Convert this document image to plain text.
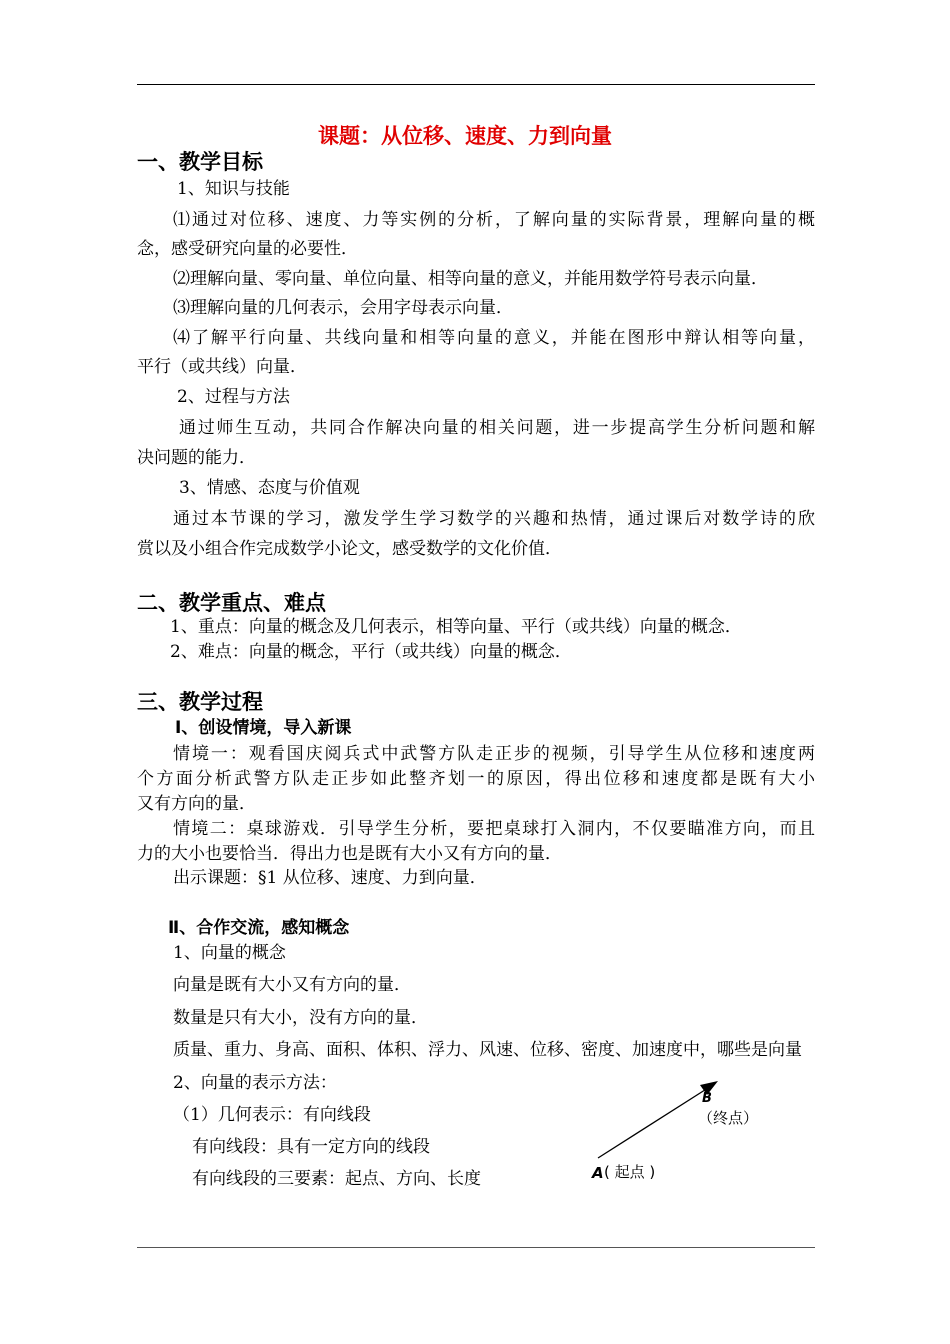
课题：从位移、速度、力到向量
一、教学目标
1、知识与技能
⑴通过对位移、速度、力等实例的分析，了解向量的实际背景，理解向量的概
念，感受研究向量的必要性．
⑵理解向量、零向量、单位向量、相等向量的意义，并能用数学符号表示向量．
⑶理解向量的几何表示，会用字母表示向量．
⑷了解平行向量、共线向量和相等向量的意义，并能在图形中辩认相等向量，
平行（或共线）向量．
2、过程与方法
通过师生互动，共同合作解决向量的相关问题，进一步提高学生分析问题和解
决问题的能力．
3、情感、态度与价值观
通过本节课的学习，激发学生学习数学的兴趣和热情，通过课后对数学诗的欣
赏以及小组合作完成数学小论文，感受数学的文化价值．
二、教学重点、难点
1、重点：向量的概念及几何表示，相等向量、平行（或共线）向量的概念．
2、难点：向量的概念，平行（或共线）向量的概念．
三、教学过程
Ⅰ、创设情境，导入新课
情境一：观看国庆阅兵式中武警方队走正步的视频，引导学生从位移和速度两
个方面分析武警方队走正步如此整齐划一的原因，得出位移和速度都是既有大小
又有方向的量．
情境二：桌球游戏．引导学生分析，要把桌球打入洞内，不仅要瞄准方向，而且
力的大小也要恰当．得出力也是既有大小又有方向的量．
出示课题：§1 从位移、速度、力到向量．
Ⅱ、合作交流，感知概念
1、向量的概念
向量是既有大小又有方向的量．
数量是只有大小，没有方向的量．
质量、重力、身高、面积、体积、浮力、风速、位移、密度、加速度中，哪些是向量
2、向量的表示方法：
（1）几何表示：有向线段
有向线段：具有一定方向的线段
有向线段的三要素：起点、方向、长度
B
（终点）
A ( 起点 )
